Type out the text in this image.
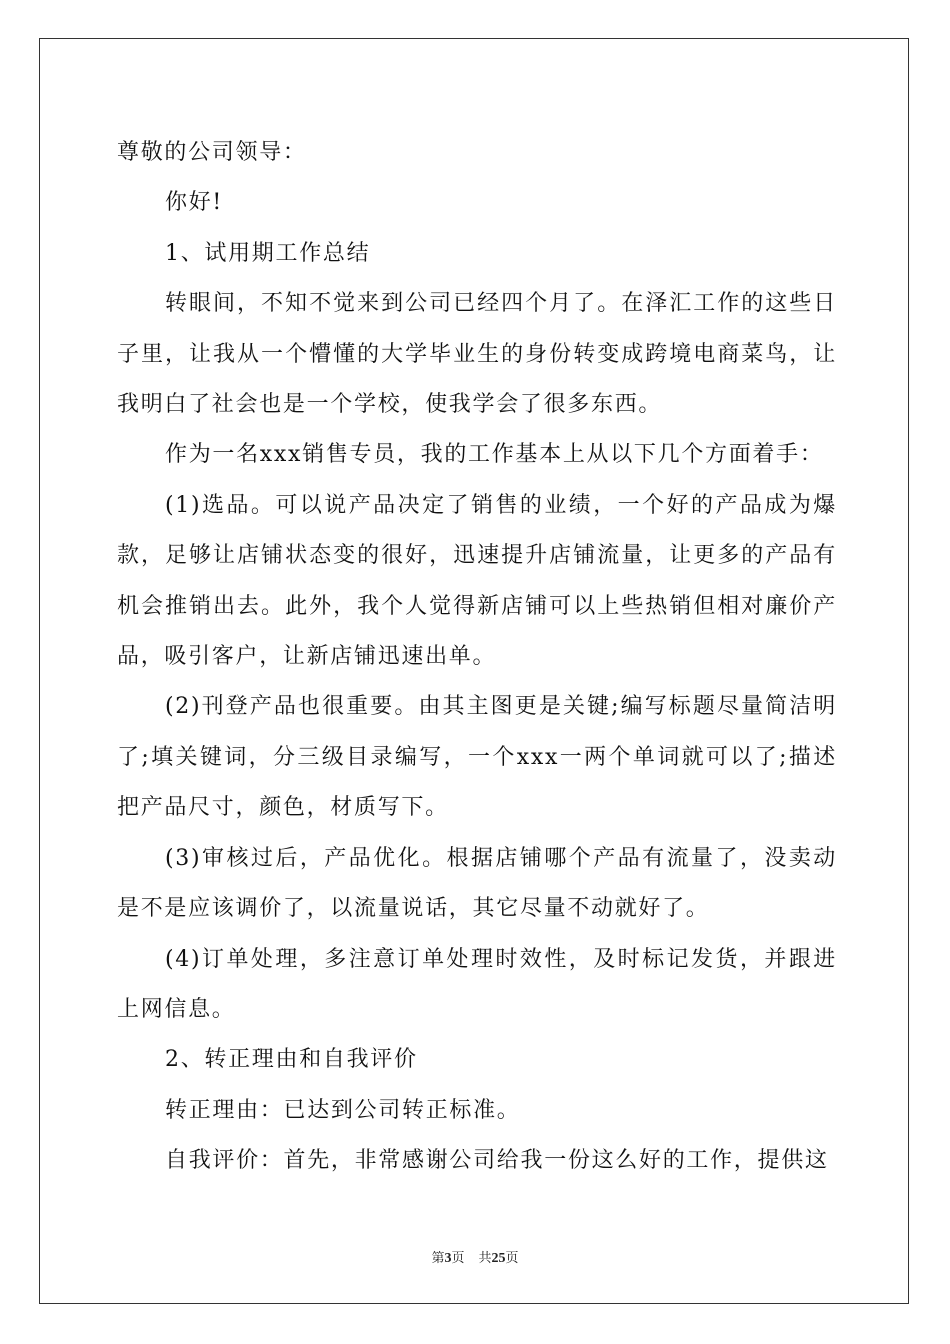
尊敬的公司领导：

你好!

1、试用期工作总结

转眼间，不知不觉来到公司已经四个月了。在泽汇工作的这些日子里，让我从一个懵懂的大学毕业生的身份转变成跨境电商菜鸟，让我明白了社会也是一个学校，使我学会了很多东西。

作为一名xxx销售专员，我的工作基本上从以下几个方面着手：

(1)选品。可以说产品决定了销售的业绩，一个好的产品成为爆款，足够让店铺状态变的很好，迅速提升店铺流量，让更多的产品有机会推销出去。此外，我个人觉得新店铺可以上些热销但相对廉价产品，吸引客户，让新店铺迅速出单。

(2)刊登产品也很重要。由其主图更是关键;编写标题尽量简洁明了;填关键词，分三级目录编写，一个xxx一两个单词就可以了;描述把产品尺寸，颜色，材质写下。

(3)审核过后，产品优化。根据店铺哪个产品有流量了，没卖动是不是应该调价了，以流量说话，其它尽量不动就好了。

(4)订单处理，多注意订单处理时效性，及时标记发货，并跟进上网信息。

2、转正理由和自我评价

转正理由：已达到公司转正标准。

自我评价：首先，非常感谢公司给我一份这么好的工作，提供这

第3页 共25页
